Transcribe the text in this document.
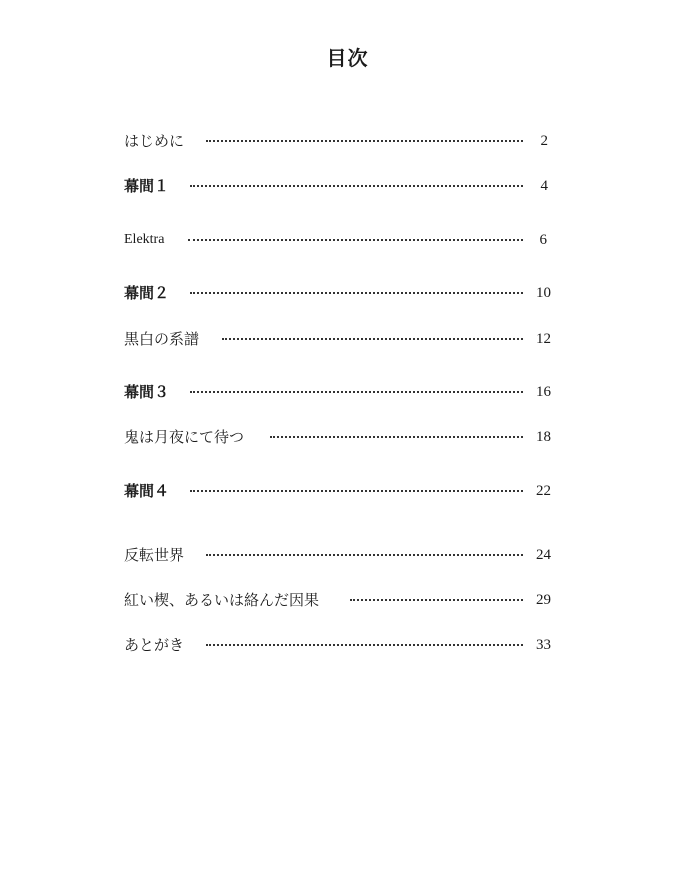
目次
はじめに	2
幕間１	4
Elektra	6
幕間２	10
黒白の系譜	12
幕間３	16
鬼は月夜にて待つ	18
幕間４	22
反転世界	24
紅い楔、あるいは絡んだ因果	29
あとがき	33
